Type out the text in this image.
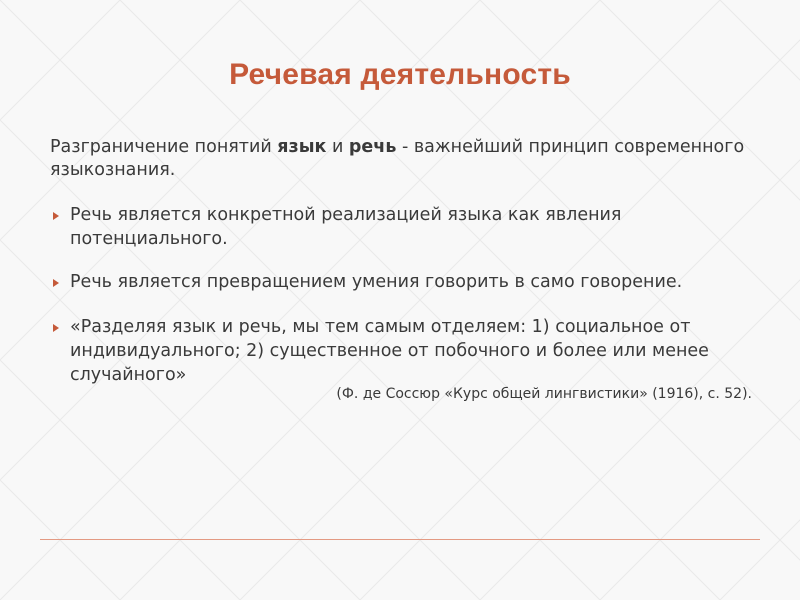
Речевая деятельность
Разграничение понятий язык и речь - важнейший принцип современного языкознания.
Речь является конкретной реализацией языка как явления потенциального.
Речь является превращением умения говорить в само говорение.
«Разделяя язык и речь, мы тем самым отделяем: 1) социальное от индивидуального; 2) существенное от побочного и более или менее случайного»
(Ф. де Соссюр «Курс общей лингвистики» (1916), с. 52).
